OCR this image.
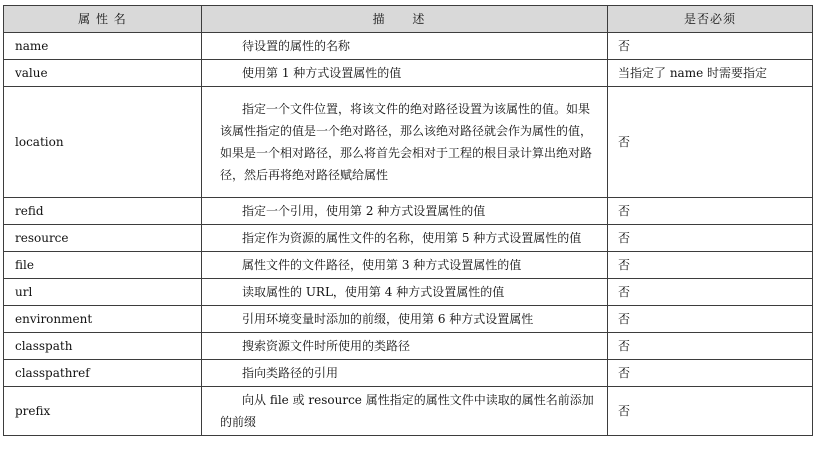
属 性 名	描 述	是否必须
name	待设置的属性的名称	否
value	使用第 1 种方式设置属性的值	当指定了 name 时需要指定
location	指定一个文件位置，将该文件的绝对路径设置为该属性的值。如果该属性指定的值是一个绝对路径，那么该绝对路径就会作为属性的值，如果是一个相对路径，那么将首先会相对于工程的根目录计算出绝对路径，然后再将绝对路径赋给属性	否
refid	指定一个引用，使用第 2 种方式设置属性的值	否
resource	指定作为资源的属性文件的名称，使用第 5 种方式设置属性的值	否
file	属性文件的文件路径，使用第 3 种方式设置属性的值	否
url	读取属性的 URL，使用第 4 种方式设置属性的值	否
environment	引用环境变量时添加的前缀，使用第 6 种方式设置属性	否
classpath	搜索资源文件时所使用的类路径	否
classpathref	指向类路径的引用	否
prefix	向从 file 或 resource 属性指定的属性文件中读取的属性名前添加的前缀	否
